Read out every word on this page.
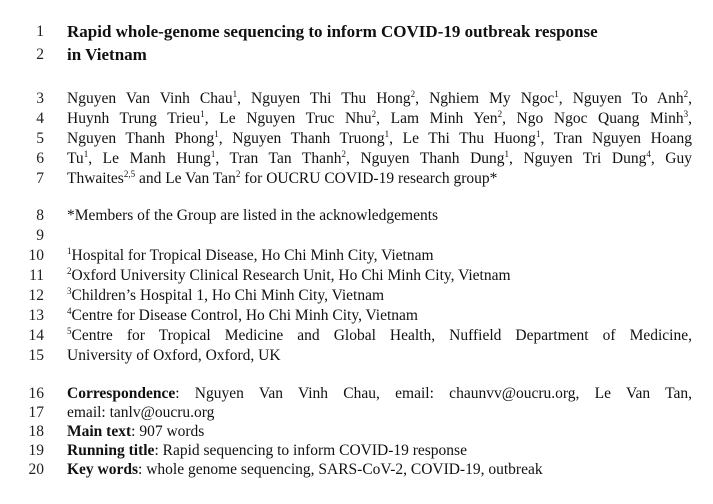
1 Rapid whole-genome sequencing to inform COVID-19 outbreak response
2 in Vietnam
3 Nguyen Van Vinh Chau$^1$, Nguyen Thi Thu Hong$^2$, Nghiem My Ngoc$^1$, Nguyen To Anh$^2$,
4 Huynh Trung Trieu$^1$, Le Nguyen Truc Nhu$^2$, Lam Minh Yen$^2$, Ngo Ngoc Quang Minh$^3$,
5 Nguyen Thanh Phong$^1$, Nguyen Thanh Truong$^1$, Le Thi Thu Huong$^1$, Tran Nguyen Hoang
6 Tu$^1$, Le Manh Hung$^1$, Tran Tan Thanh$^2$, Nguyen Thanh Dung$^1$, Nguyen Tri Dung$^4$, Guy
7 Thwaites$^{2,5}$ and Le Van Tan$^2$ for OUCRU COVID-19 research group*
8 *Members of the Group are listed in the acknowledgements
9
10	$^1$Hospital for Tropical Disease, Ho Chi Minh City, Vietnam
11	$^2$Oxford University Clinical Research Unit, Ho Chi Minh City, Vietnam
12	$^3$Children’s Hospital 1, Ho Chi Minh City, Vietnam
13	$^4$Centre for Disease Control, Ho Chi Minh City, Vietnam
14	$^5$Centre for Tropical Medicine and Global Health, Nuffield Department of Medicine,
15 University of Oxford, Oxford, UK
16 Correspondence: Nguyen Van Vinh Chau, email: chaunvv@oucru.org, Le Van Tan,
17 email: tanlv@oucru.org
18 Main text: 907 words
19 Running title: Rapid sequencing to inform COVID-19 response
20 Key words: whole genome sequencing, SARS-CoV-2, COVID-19, outbreak
